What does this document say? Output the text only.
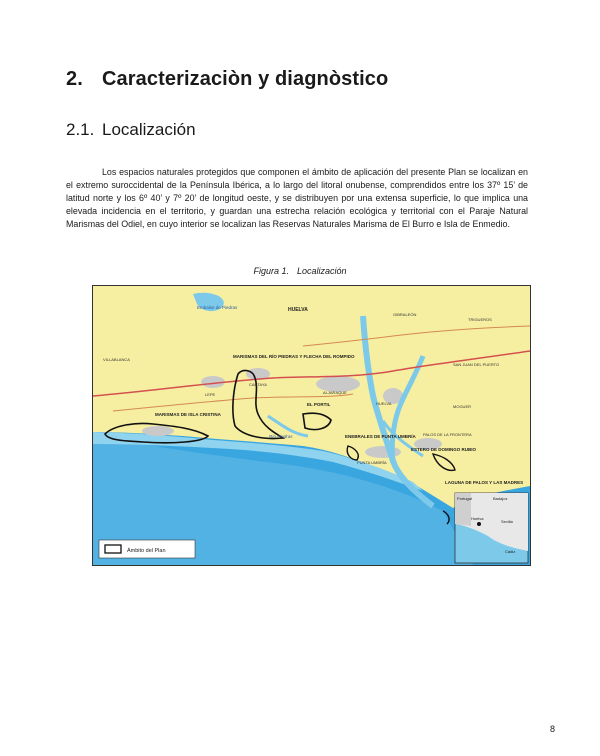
2. Caracterizaciòn y diagnòstico
2.1. Localización

Los espacios naturales protegidos que componen el ámbito de aplicación del presente Plan se localizan en el extremo suroccidental de la Península Ibérica, a lo largo del litoral onubense, comprendidos entre los 37º 15’ de latitud norte y los 6º 40’ y 7º 20’ de longitud oeste, y se distribuyen por una extensa superficie, lo que implica una elevada incidencia en el territorio, y guardan una estrecha relación ecológica y territorial con el Paraje Natural Marismas del Odiel, en cuyo interior se localizan las Reservas Naturales Marisma de El Burro e Isla de Enmedio.

Figura 1. Localización
Embalse de Piedras	HUELVA
MARISMAS DEL RÍO PIEDRAS Y FLECHA DEL ROMPIDO
MARISMAS DE ISLA CRISTINA
EL PORTIL
ENEBRALES DE PUNTA UMBRÍA
ESTERO DE DOMINGO RUBIO
LAGUNA DE PALOS Y LAS MADRES
Río Piedras
HUELVA
ALJARAQUE
CARTAYA
LEPE
VILLABLANCA
GIBRALEÓN
TRIGUEROS
MOGUER
PALOS DE LA FRONTERA
PUNTA UMBRÍA
SAN JUAN DEL PUERTO
Portugal	Badajoz
Huelva
Sevilla
Cádiz
Ámbito del Plan
8
